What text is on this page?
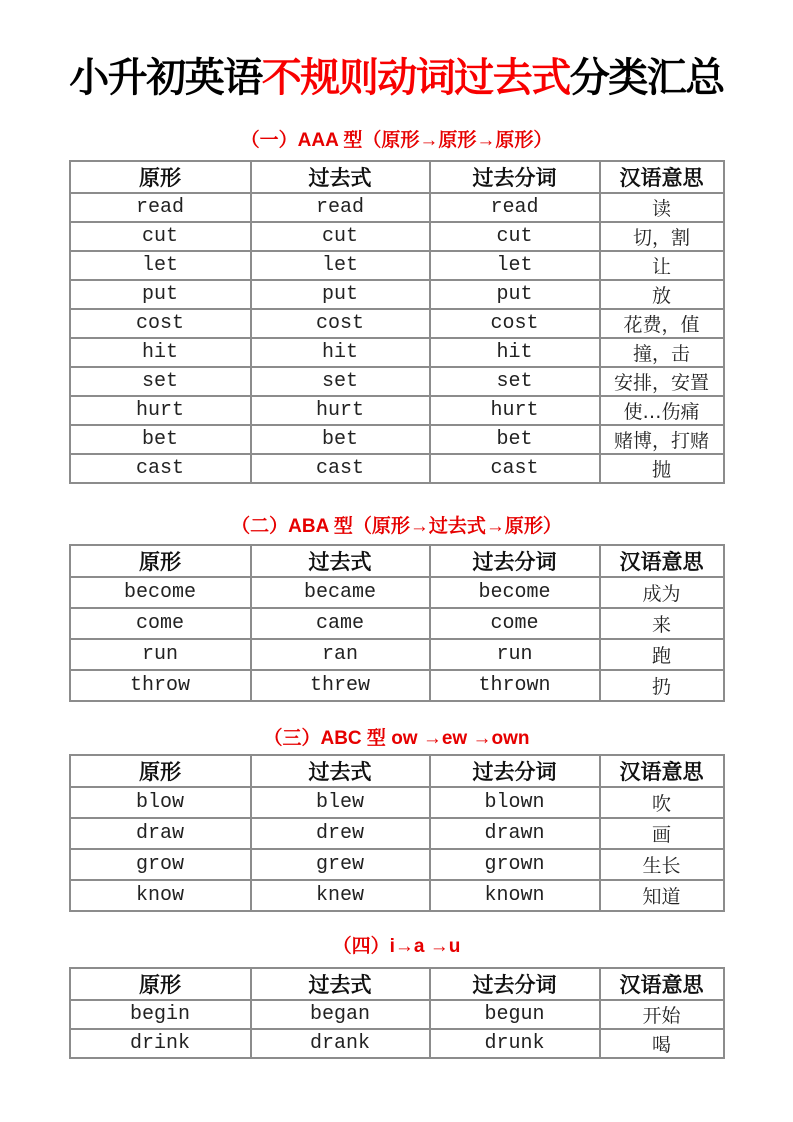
小升初英语不规则动词过去式分类汇总
（一）AAA 型（原形→原形→原形）
原形	过去式	过去分词	汉语意思
read	read	read	读
cut	cut	cut	切，割
let	let	let	让
put	put	put	放
cost	cost	cost	花费，值
hit	hit	hit	撞，击
set	set	set	安排，安置
hurt	hurt	hurt	使…伤痛
bet	bet	bet	赌博，打赌
cast	cast	cast	抛
（二）ABA 型（原形→过去式→原形）
原形	过去式	过去分词	汉语意思
become	became	become	成为
come	came	come	来
run	ran	run	跑
throw	threw	thrown	扔
（三）ABC 型 ow →ew →own
原形	过去式	过去分词	汉语意思
blow	blew	blown	吹
draw	drew	drawn	画
grow	grew	grown	生长
know	knew	known	知道
（四）i→a →u
原形	过去式	过去分词	汉语意思
begin	began	begun	开始
drink	drank	drunk	喝
